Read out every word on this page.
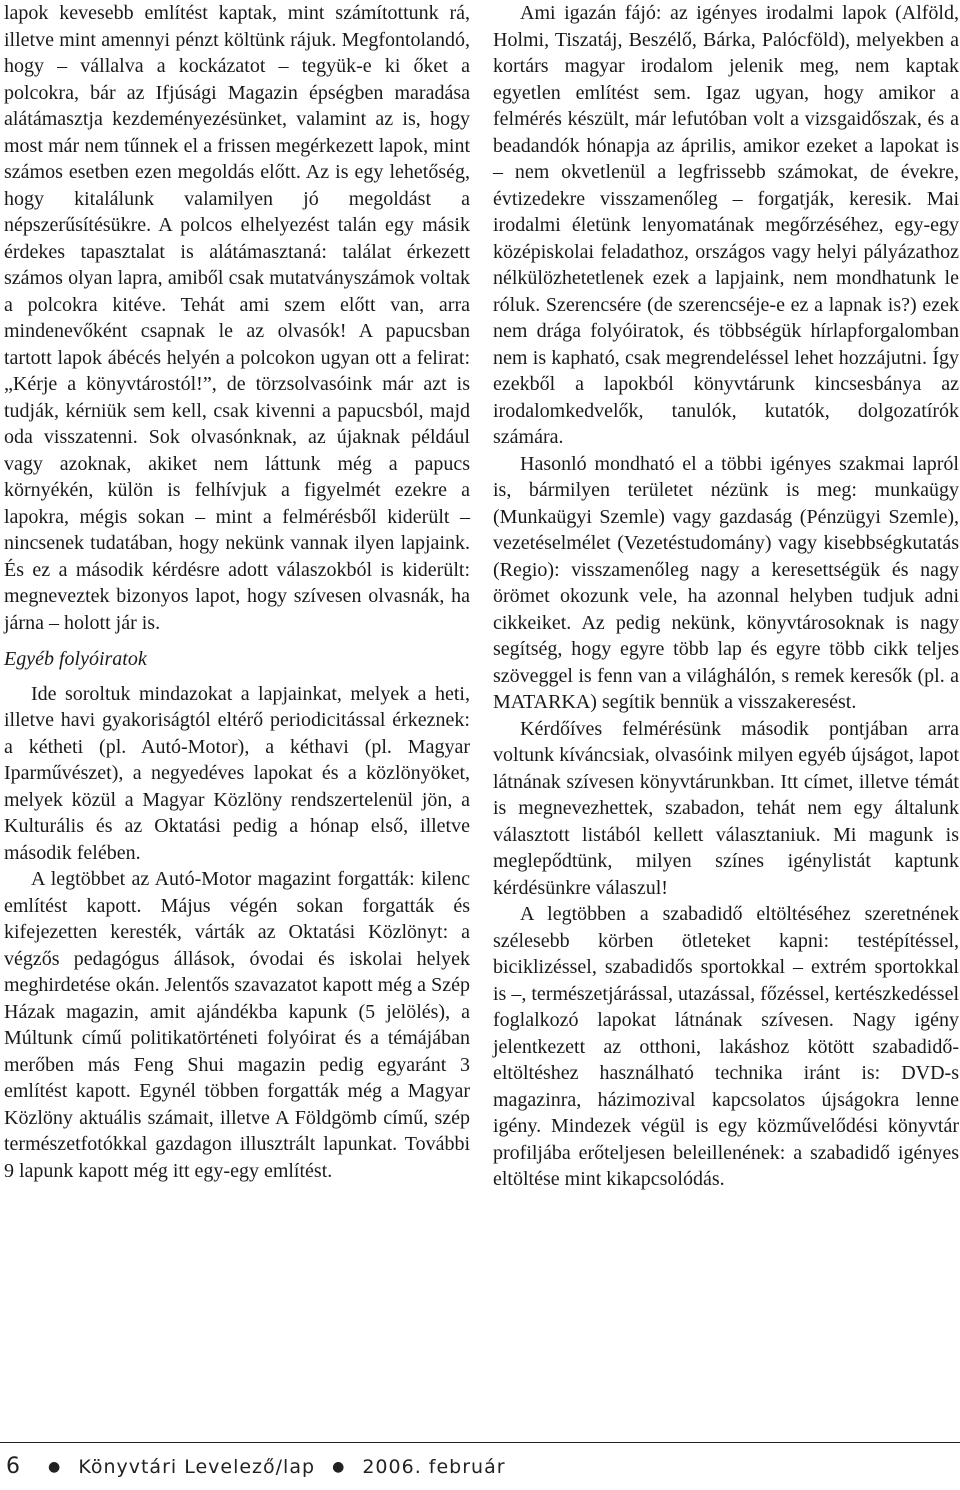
lapok kevesebb említést kaptak, mint számítottunk rá, illetve mint amennyi pénzt költünk rájuk. Megfontolandó, hogy – vállalva a kockázatot – tegyük-e ki őket a polcokra, bár az Ifjúsági Magazin épségben maradása alátámasztja kezdeményezésünket, valamint az is, hogy most már nem tűnnek el a frissen megérkezett lapok, mint számos esetben ezen megoldás előtt. Az is egy lehetőség, hogy kitalálunk valamilyen jó megoldást a népszerűsítésükre. A polcos elhelyezést talán egy másik érdekes tapasztalat is alátámasztaná: találat érkezett számos olyan lapra, amiből csak mutatványszámok voltak a polcokra kitéve. Tehát ami szem előtt van, arra mindenevőként csapnak le az olvasók! A papucsban tartott lapok ábécés helyén a polcokon ugyan ott a felirat: „Kérje a könyvtárostól!”, de törzsolvasóink már azt is tudják, kérniük sem kell, csak kivenni a papucsból, majd oda visszatenni. Sok olvasónknak, az újaknak például vagy azoknak, akiket nem láttunk még a papucs környékén, külön is felhívjuk a figyelmét ezekre a lapokra, mégis sokan – mint a felmérésből kiderült – nincsenek tudatában, hogy nekünk vannak ilyen lapjaink. És ez a második kérdésre adott válaszokból is kiderült: megneveztek bizonyos lapot, hogy szívesen olvasnák, ha járna – holott jár is.

Egyéb folyóiratok

Ide soroltuk mindazokat a lapjainkat, melyek a heti, illetve havi gyakoriságtól eltérő periodicitással érkeznek: a kétheti (pl. Autó-Motor), a kéthavi (pl. Magyar Iparművészet), a negyedéves lapokat és a közlönyöket, melyek közül a Magyar Közlöny rendszertelenül jön, a Kulturális és az Oktatási pedig a hónap első, illetve második felében.

A legtöbbet az Autó-Motor magazint forgatták: kilenc említést kapott. Május végén sokan forgatták és kifejezetten keresték, várták az Oktatási Közlönyt: a végzős pedagógus állások, óvodai és iskolai helyek meghirdetése okán. Jelentős szavazatot kapott még a Szép Házak magazin, amit ajándékba kapunk (5 jelölés), a Múltunk című politikatörténeti folyóirat és a témájában merőben más Feng Shui magazin pedig egyaránt 3 említést kapott. Egynél többen forgatták még a Magyar Közlöny aktuális számait, illetve A Földgömb című, szép természetfotókkal gazdagon illusztrált lapunkat. További 9 lapunk kapott még itt egy-egy említést.

Ami igazán fájó: az igényes irodalmi lapok (Alföld, Holmi, Tiszatáj, Beszélő, Bárka, Palócföld), melyekben a kortárs magyar irodalom jelenik meg, nem kaptak egyetlen említést sem. Igaz ugyan, hogy amikor a felmérés készült, már lefutóban volt a vizsgaidőszak, és a beadandók hónapja az április, amikor ezeket a lapokat is – nem okvetlenül a legfrissebb számokat, de évekre, évtizedekre visszamenőleg – forgatják, keresik. Mai irodalmi életünk lenyomatának megőrzéséhez, egy-egy középiskolai feladathoz, országos vagy helyi pályázathoz nélkülözhetetlenek ezek a lapjaink, nem mondhatunk le róluk. Szerencsére (de szerencséje-e ez a lapnak is?) ezek nem drága folyóiratok, és többségük hírlapforgalomban nem is kapható, csak megrendeléssel lehet hozzájutni. Így ezekből a lapokból könyvtárunk kincsesbánya az irodalomkedvelők, tanulók, kutatók, dolgozatírók számára.

Hasonló mondható el a többi igényes szakmai lapról is, bármilyen területet nézünk is meg: munkaügy (Munkaügyi Szemle) vagy gazdaság (Pénzügyi Szemle), vezetéselmélet (Vezetéstudomány) vagy kisebbségkutatás (Regio): visszamenőleg nagy a keresettségük és nagy örömet okozunk vele, ha azonnal helyben tudjuk adni cikkeiket. Az pedig nekünk, könyvtárosoknak is nagy segítség, hogy egyre több lap és egyre több cikk teljes szöveggel is fenn van a világhálón, s remek keresők (pl. a MATARKA) segítik bennük a visszakeresést.

Kérdőíves felmérésünk második pontjában arra voltunk kíváncsiak, olvasóink milyen egyéb újságot, lapot látnának szívesen könyvtárunkban. Itt címet, illetve témát is megnevezhettek, szabadon, tehát nem egy általunk választott listából kellett választaniuk. Mi magunk is meglepődtünk, milyen színes igénylistát kaptunk kérdésünkre válaszul!

A legtöbben a szabadidő eltöltéséhez szeretnének szélesebb körben ötleteket kapni: testépítéssel, biciklizéssel, szabadidős sportokkal – extrém sportokkal is –, természetjárással, utazással, főzéssel, kertészkedéssel foglalkozó lapokat látnának szívesen. Nagy igény jelentkezett az otthoni, lakáshoz kötött szabadidő-eltöltéshez használható technika iránt is: DVD-s magazinra, házimozival kapcsolatos újságokra lenne igény. Mindezek végül is egy közművelődési könyvtár profiljába erőteljesen beleillenének: a szabadidő igényes eltöltése mint kikapcsolódás.

6 ● Könyvtári Levelező/lap ● 2006. február
